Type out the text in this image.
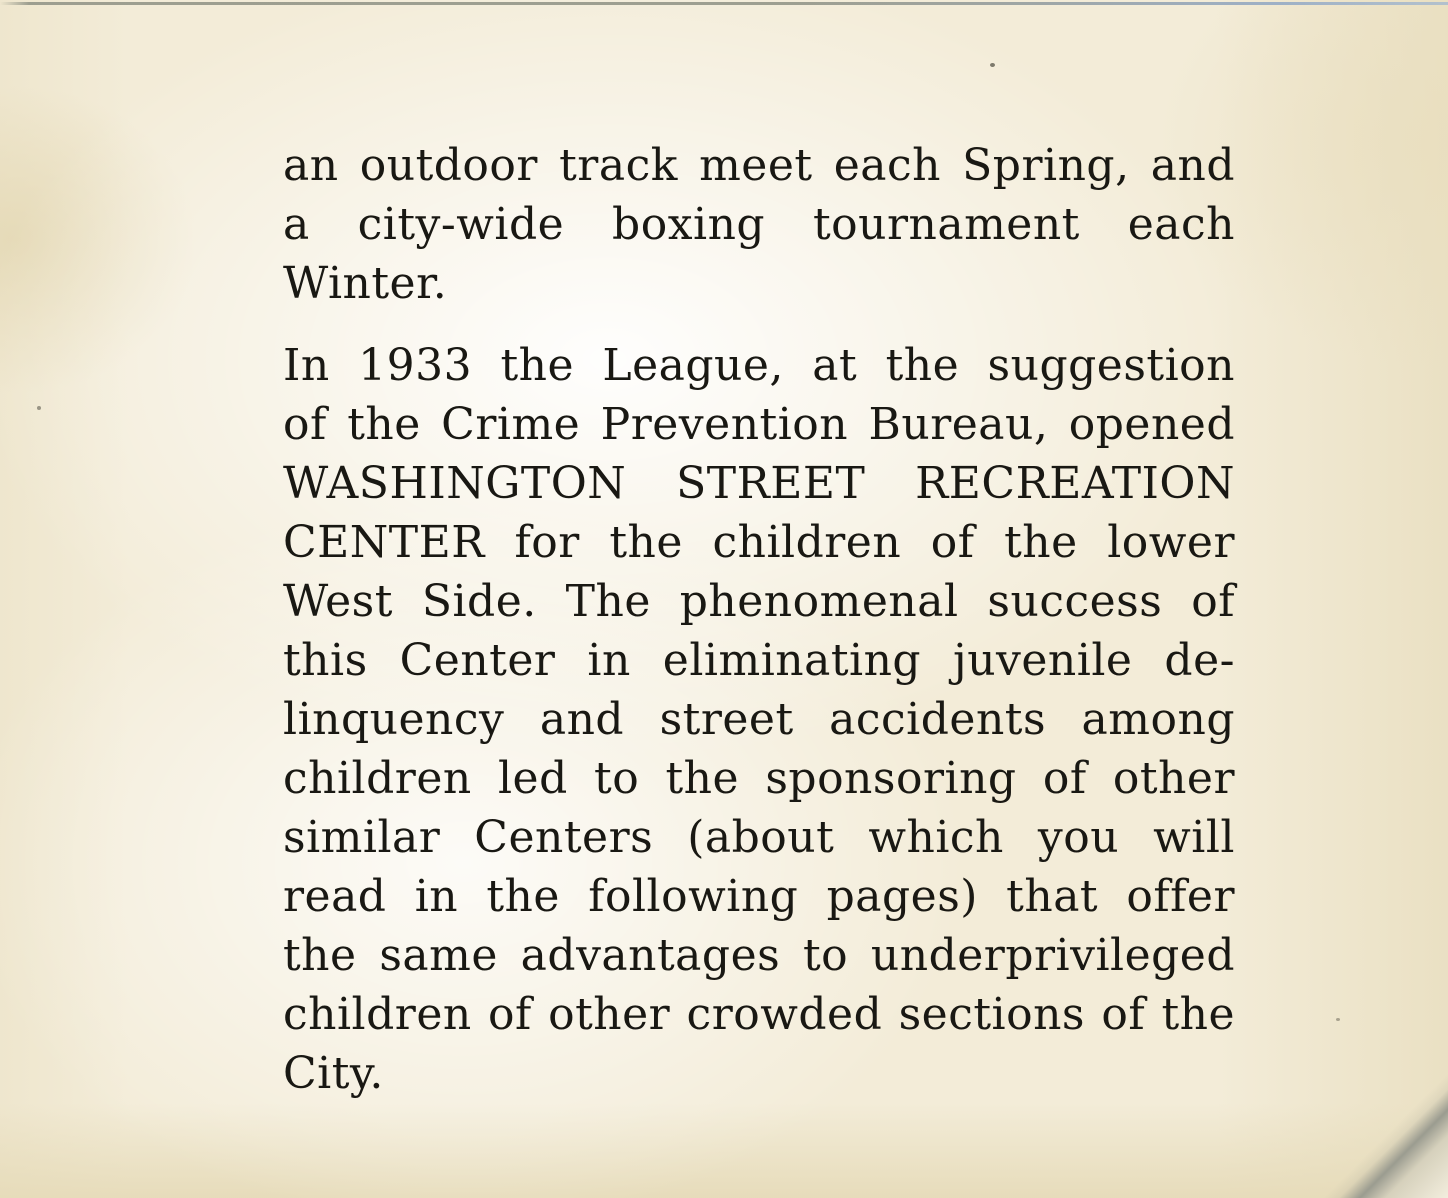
an outdoor track meet each Spring, and
a city-wide boxing tournament each
Winter.
In 1933 the League, at the suggestion
of the Crime Prevention Bureau, opened
WASHINGTON STREET RECREATION
CENTER for the children of the lower
West Side. The phenomenal success of
this Center in eliminating juvenile de-
linquency and street accidents among
children led to the sponsoring of other
similar Centers (about which you will
read in the following pages) that offer
the same advantages to underprivileged
children of other crowded sections of the
City.
